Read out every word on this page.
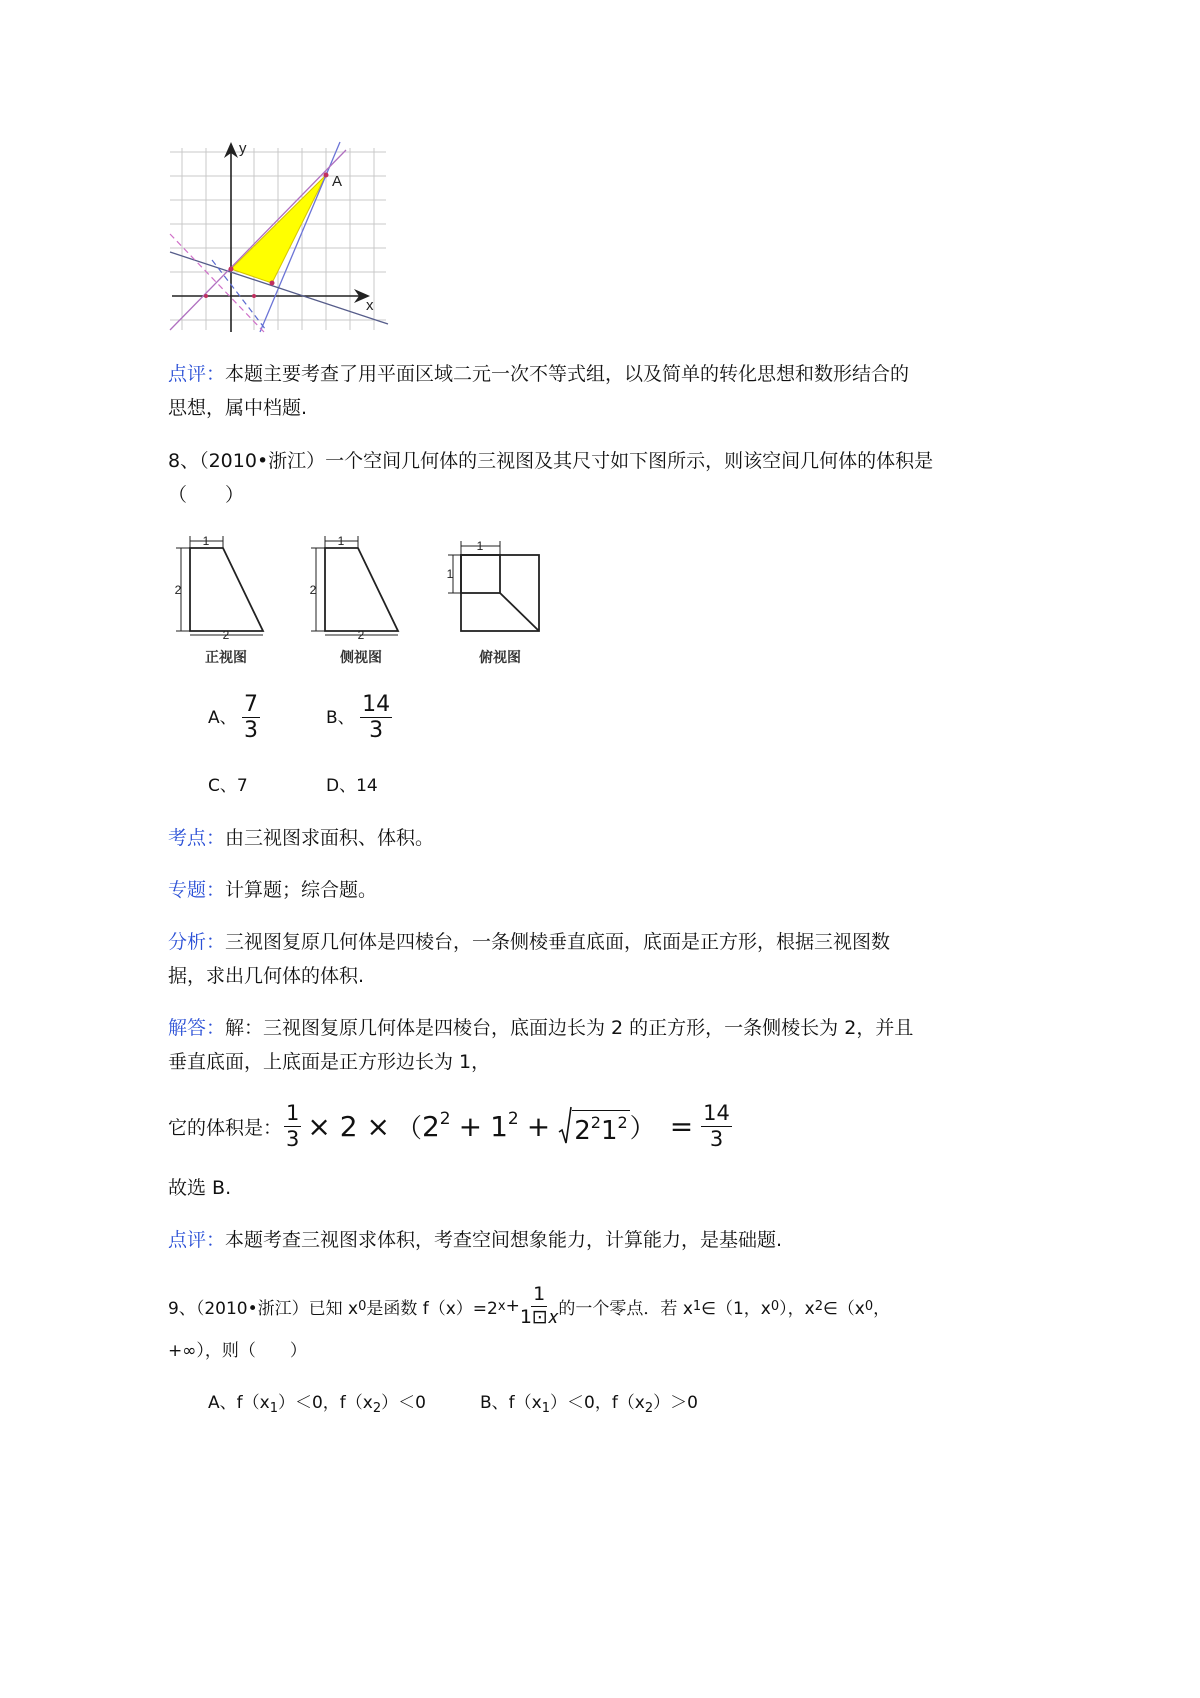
A
y
x
点评：本题主要考查了用平面区域二元一次不等式组，以及简单的转化思想和数形结合的
思想，属中档题.
8、（2010•浙江）一个空间几何体的三视图及其尺寸如下图所示，则该空间几何体的体积是
（　　）
1
2
2
1
2
2
1
1
正视图	侧视图	俯视图
A、 $\frac{7}{3}$	B、 $\frac{14}{3}$
C、7	D、14
考点：由三视图求面积、体积。
专题：计算题；综合题。
分析：三视图复原几何体是四棱台，一条侧棱垂直底面，底面是正方形，根据三视图数
据，求出几何体的体积.
解答：解：三视图复原几何体是四棱台，底面边长为 2 的正方形，一条侧棱长为 2，并且
垂直底面，上底面是正方形边长为 1，
它的体积是： $\frac{1}{3} \times 2$ × （ $2^2 + 1^2 + 2^21^2$ ） = $\frac{14}{3}$
故选 B.
点评：本题考查三视图求体积，考查空间想象能力，计算能力，是基础题.
9、（2010•浙江）已知 x 0 是函数 f（x）=2 $x + \frac{1}{\text{1⊡𝑥}}$ 的一个零点．若 x 1 ∈（1，x 0 ），x 2 ∈（x 0 ，
+∞），则（　　）
A、$f(x_1)<0$，$f(x_2)<0$	B、$f(x_1)<0$，$f(x_2)>0$
